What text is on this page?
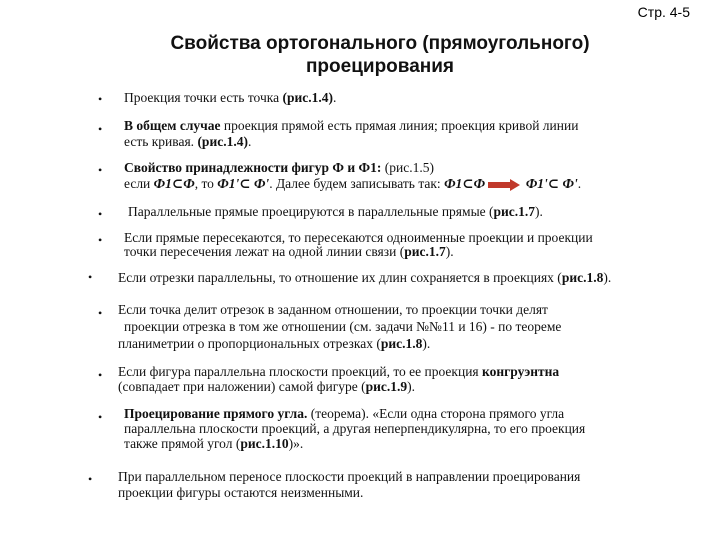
Стр. 4-5
Свойства ортогонального (прямоугольного)
проецирования
• Проекция точки есть точка (рис.1.4).
• В общем случае проекция прямой есть прямая линия; проекция кривой линии
есть кривая. (рис.1.4).
• Свойство принадлежности фигур Ф и Ф1: (рис.1.5)
если Ф1⊂Ф, то Ф1'⊂ Ф'. Далее будем записывать так: Ф1⊂Ф	Ф1'⊂ Ф'.
• Параллельные прямые проецируются в параллельные прямые (рис.1.7).
• Если прямые пересекаются, то пересекаются одноименные проекции и проекции
точки пересечения лежат на одной линии связи (рис.1.7).
• Если отрезки параллельны, то отношение их длин сохраняется в проекциях (рис.1.8).
• Если точка делит отрезок в заданном отношении, то проекции точки делят
проекции отрезка в том же отношении (см. задачи №№11 и 16) - по теореме
планиметрии о пропорциональных отрезках (рис.1.8).
• Если фигура параллельна плоскости проекций, то ее проекция конгруэнтна
(совпадает при наложении) самой фигуре (рис.1.9).
• Проецирование прямого угла. (теорема). «Если одна сторона прямого угла
параллельна плоскости проекций, а другая неперпендикулярна, то его проекция
также прямой угол (рис.1.10)».
• При параллельном переносе плоскости проекций в направлении проецирования
проекции фигуры остаются неизменными.
